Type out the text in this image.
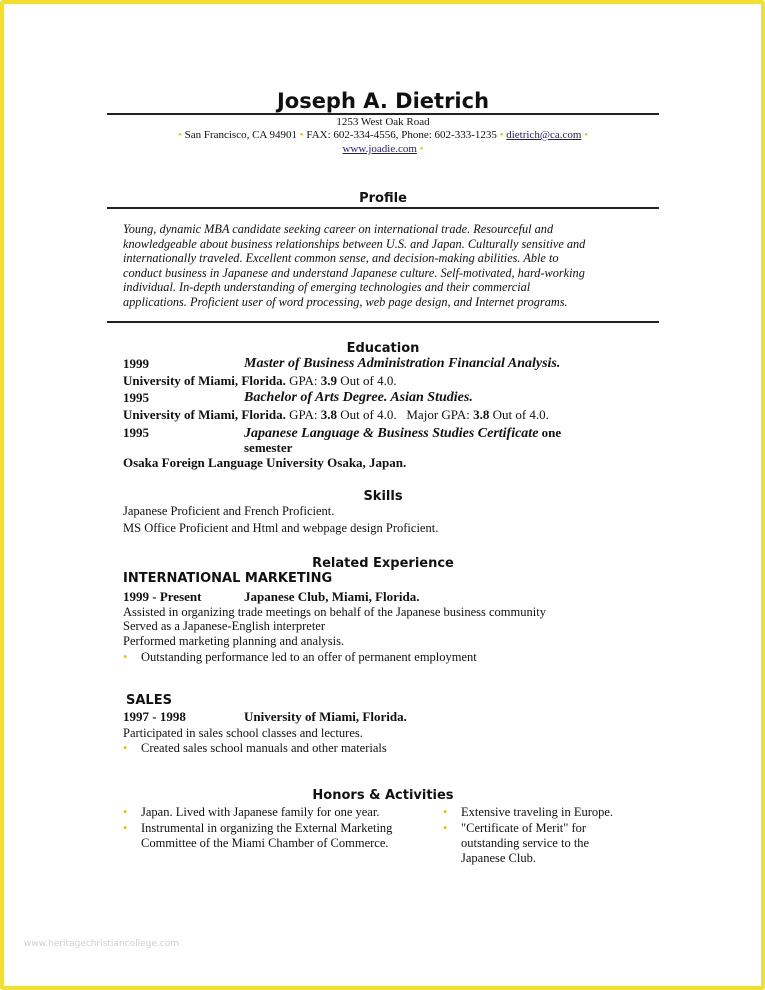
Joseph A. Dietrich
1253 West Oak Road
• San Francisco, CA 94901 • FAX: 602-334-4556, Phone: 602-333-1235 • dietrich@ca.com •
www.joadie.com •
Profile
Young, dynamic MBA candidate seeking career on international trade. Resourceful and
knowledgeable about business relationships between U.S. and Japan. Culturally sensitive and
internationally traveled. Excellent common sense, and decision-making abilities. Able to
conduct business in Japanese and understand Japanese culture. Self-motivated, hard-working
individual. In-depth understanding of emerging technologies and their commercial
applications. Proficient user of word processing, web page design, and Internet programs.
Education
1999	Master of Business Administration Financial Analysis.
University of Miami, Florida. GPA: 3.9 Out of 4.0.
1995	Bachelor of Arts Degree. Asian Studies.
University of Miami, Florida. GPA: 3.8 Out of 4.0.   Major GPA: 3.8 Out of 4.0.
1995	Japanese Language & Business Studies Certificate one
semester
Osaka Foreign Language University Osaka, Japan.
Skills
Japanese Proficient and French Proficient.
MS Office Proficient and Html and webpage design Proficient.
Related Experience
INTERNATIONAL MARKETING
1999 - Present	Japanese Club, Miami, Florida.
Assisted in organizing trade meetings on behalf of the Japanese business community
Served as a Japanese-English interpreter
Performed marketing planning and analysis.
• Outstanding performance led to an offer of permanent employment
SALES
1997 - 1998	University of Miami, Florida.
Participated in sales school classes and lectures.
• Created sales school manuals and other materials
Honors & Activities
• Japan. Lived with Japanese family for one year.
• Instrumental in organizing the External Marketing
Committee of the Miami Chamber of Commerce.
• Extensive traveling in Europe.
• "Certificate of Merit" for
outstanding service to the
Japanese Club.
www.heritagechristiancollege.com
